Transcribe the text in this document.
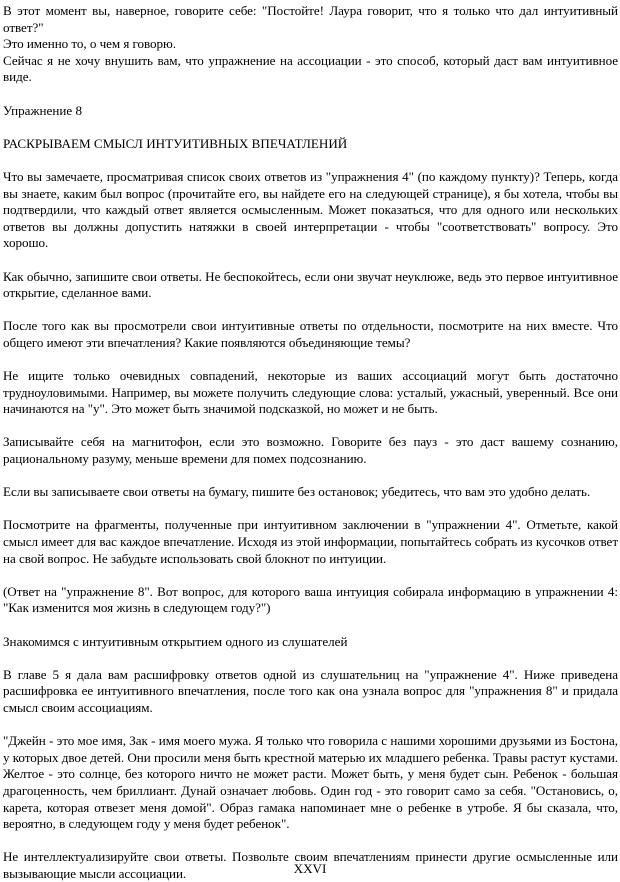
В этот момент вы, наверное, говорите себе: "Постойте! Лаура говорит, что я только что дал интуитивный ответ?"

Это именно то, о чем я говорю.

Сейчас я не хочу внушить вам, что упражнение на ассоциации - это способ, который даст вам интуитивное виде.

Упражнение 8

РАСКРЫВАЕМ СМЫСЛ ИНТУИТИВНЫХ ВПЕЧАТЛЕНИЙ

Что вы замечаете, просматривая список своих ответов из "упражнения 4" (по каждому пункту)? Теперь, когда вы знаете, каким был вопрос (прочитайте его, вы найдете его на следующей странице), я бы хотела, чтобы вы подтвердили, что каждый ответ является осмысленным. Может показаться, что для одного или нескольких ответов вы должны допустить натяжки в своей интерпретации - чтобы "соответствовать" вопросу. Это хорошо.

Как обычно, запишите свои ответы. Не беспокойтесь, если они звучат неуклюже, ведь это первое интуитивное открытие, сделанное вами.

После того как вы просмотрели свои интуитивные ответы по отдельности, посмотрите на них вместе. Что общего имеют эти впечатления? Какие появляются объединяющие темы?

Не ищите только очевидных совпадений, некоторые из ваших ассоциаций могут быть достаточно трудноуловимыми. Например, вы можете получить следующие слова: усталый, ужасный, уверенный. Все они начинаются на "у". Это может быть значимой подсказкой, но может и не быть.

Записывайте себя на магнитофон, если это возможно. Говорите без пауз - это даст вашему сознанию, рациональному разуму, меньше времени для помех подсознанию.

Если вы записываете свои ответы на бумагу, пишите без остановок; убедитесь, что вам это удобно делать.

Посмотрите на фрагменты, полученные при интуитивном заключении в "упражнении 4". Отметьте, какой смысл имеет для вас каждое впечатление. Исходя из этой информации, попытайтесь собрать из кусочков ответ на свой вопрос. Не забудьте использовать свой блокнот по интуиции.

(Ответ на "упражнение 8". Вот вопрос, для которого ваша интуиция собирала информацию в упражнении 4: "Как изменится моя жизнь в следующем году?")

Знакомимся с интуитивным открытием одного из слушателей

В главе 5 я дала вам расшифровку ответов одной из слушательниц на "упражнение 4". Ниже приведена расшифровка ее интуитивного впечатления, после того как она узнала вопрос для "упражнения 8" и придала смысл своим ассоциациям.

"Джейн - это мое имя, Зак - имя моего мужа. Я только что говорила с нашими хорошими друзьями из Бостона, у которых двое детей. Они просили меня быть крестной матерью их младшего ребенка. Травы растут кустами. Желтое - это солнце, без которого ничто не может расти. Может быть, у меня будет сын. Ребенок - большая драгоценность, чем бриллиант. Дунай означает любовь. Один год - это говорит само за себя. "Остановись, о, карета, которая отвезет меня домой". Образ гамака напоминает мне о ребенке в утробе. Я бы сказала, что, вероятно, в следующем году у меня будет ребенок".

Не интеллектуализируйте свои ответы. Позвольте своим впечатлениям принести другие осмысленные или вызывающие мысли ассоциации.	XXVI
